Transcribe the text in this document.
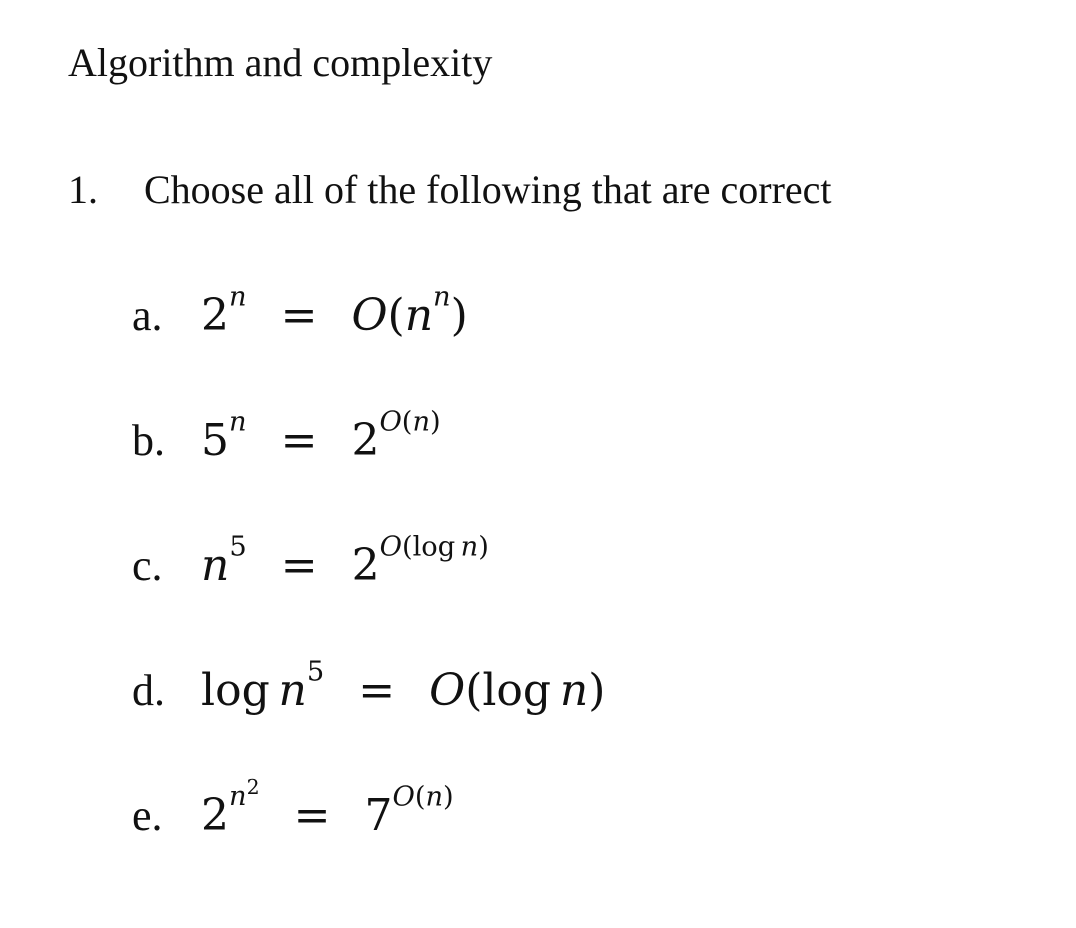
Algorithm and complexity
1. Choose all of the following that are correct
a. $2^n = O(n^n)$
b. $5^n = 2^{O(n)}$
c. $n^5 = 2^{O(log n)}$
d. $\log n^5 = O(\log$  n)
e. $2^{n^2} = 7^{O(n)}$
